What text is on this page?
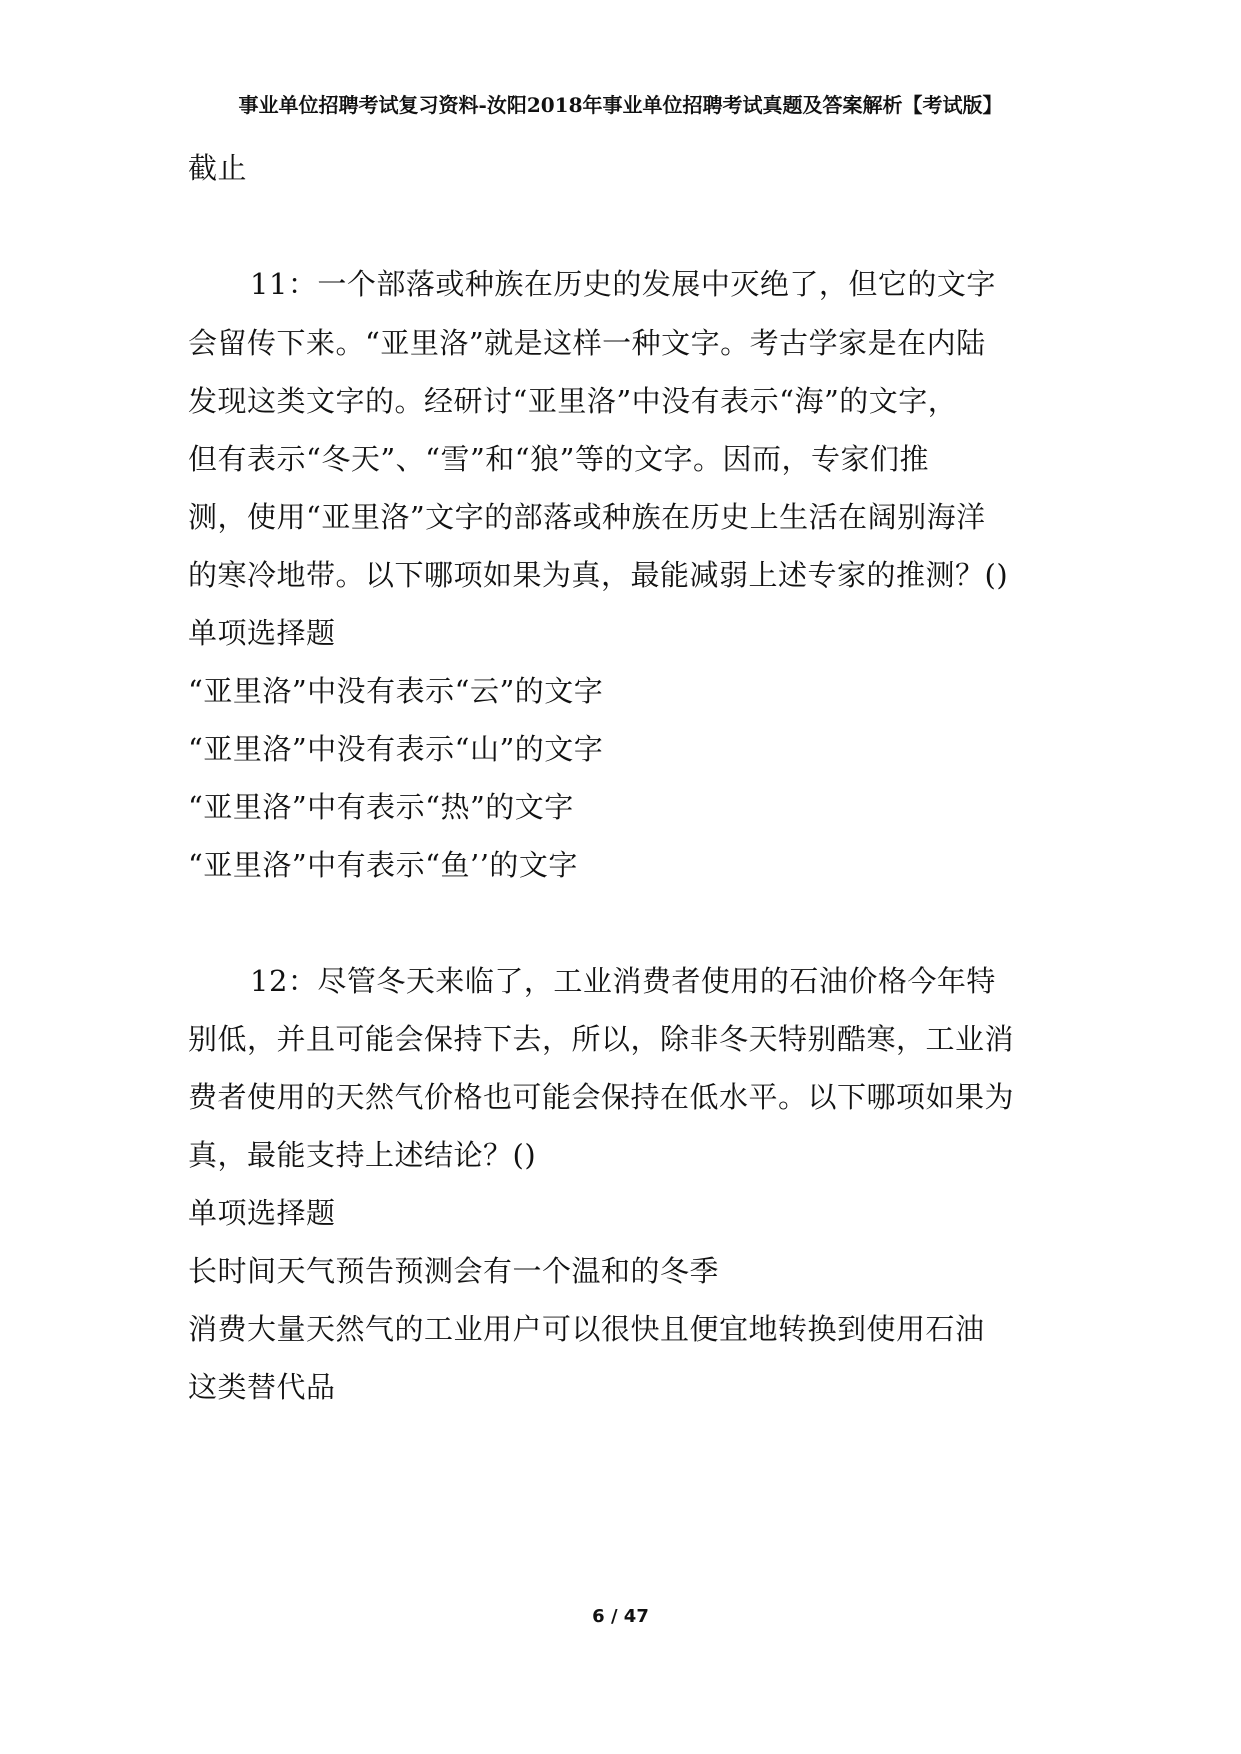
事业单位招聘考试复习资料-汝阳2018年事业单位招聘考试真题及答案解析【考试版】
截止
11：一个部落或种族在历史的发展中灭绝了，但它的文字
会留传下来。“亚里洛”就是这样一种文字。考古学家是在内陆
发现这类文字的。经研讨“亚里洛”中没有表示“海”的文字，
但有表示“冬天”、“雪”和“狼”等的文字。因而，专家们推
测，使用“亚里洛”文字的部落或种族在历史上生活在阔别海洋
的寒冷地带。以下哪项如果为真，最能减弱上述专家的推测？()
单项选择题
“亚里洛”中没有表示“云”的文字
“亚里洛”中没有表示“山”的文字
“亚里洛”中有表示“热”的文字
“亚里洛”中有表示“鱼’’的文字
12：尽管冬天来临了，工业消费者使用的石油价格今年特
别低，并且可能会保持下去，所以，除非冬天特别酷寒，工业消
费者使用的天然气价格也可能会保持在低水平。以下哪项如果为
真，最能支持上述结论？()
单项选择题
长时间天气预告预测会有一个温和的冬季
消费大量天然气的工业用户可以很快且便宜地转换到使用石油
这类替代品
6 / 47
